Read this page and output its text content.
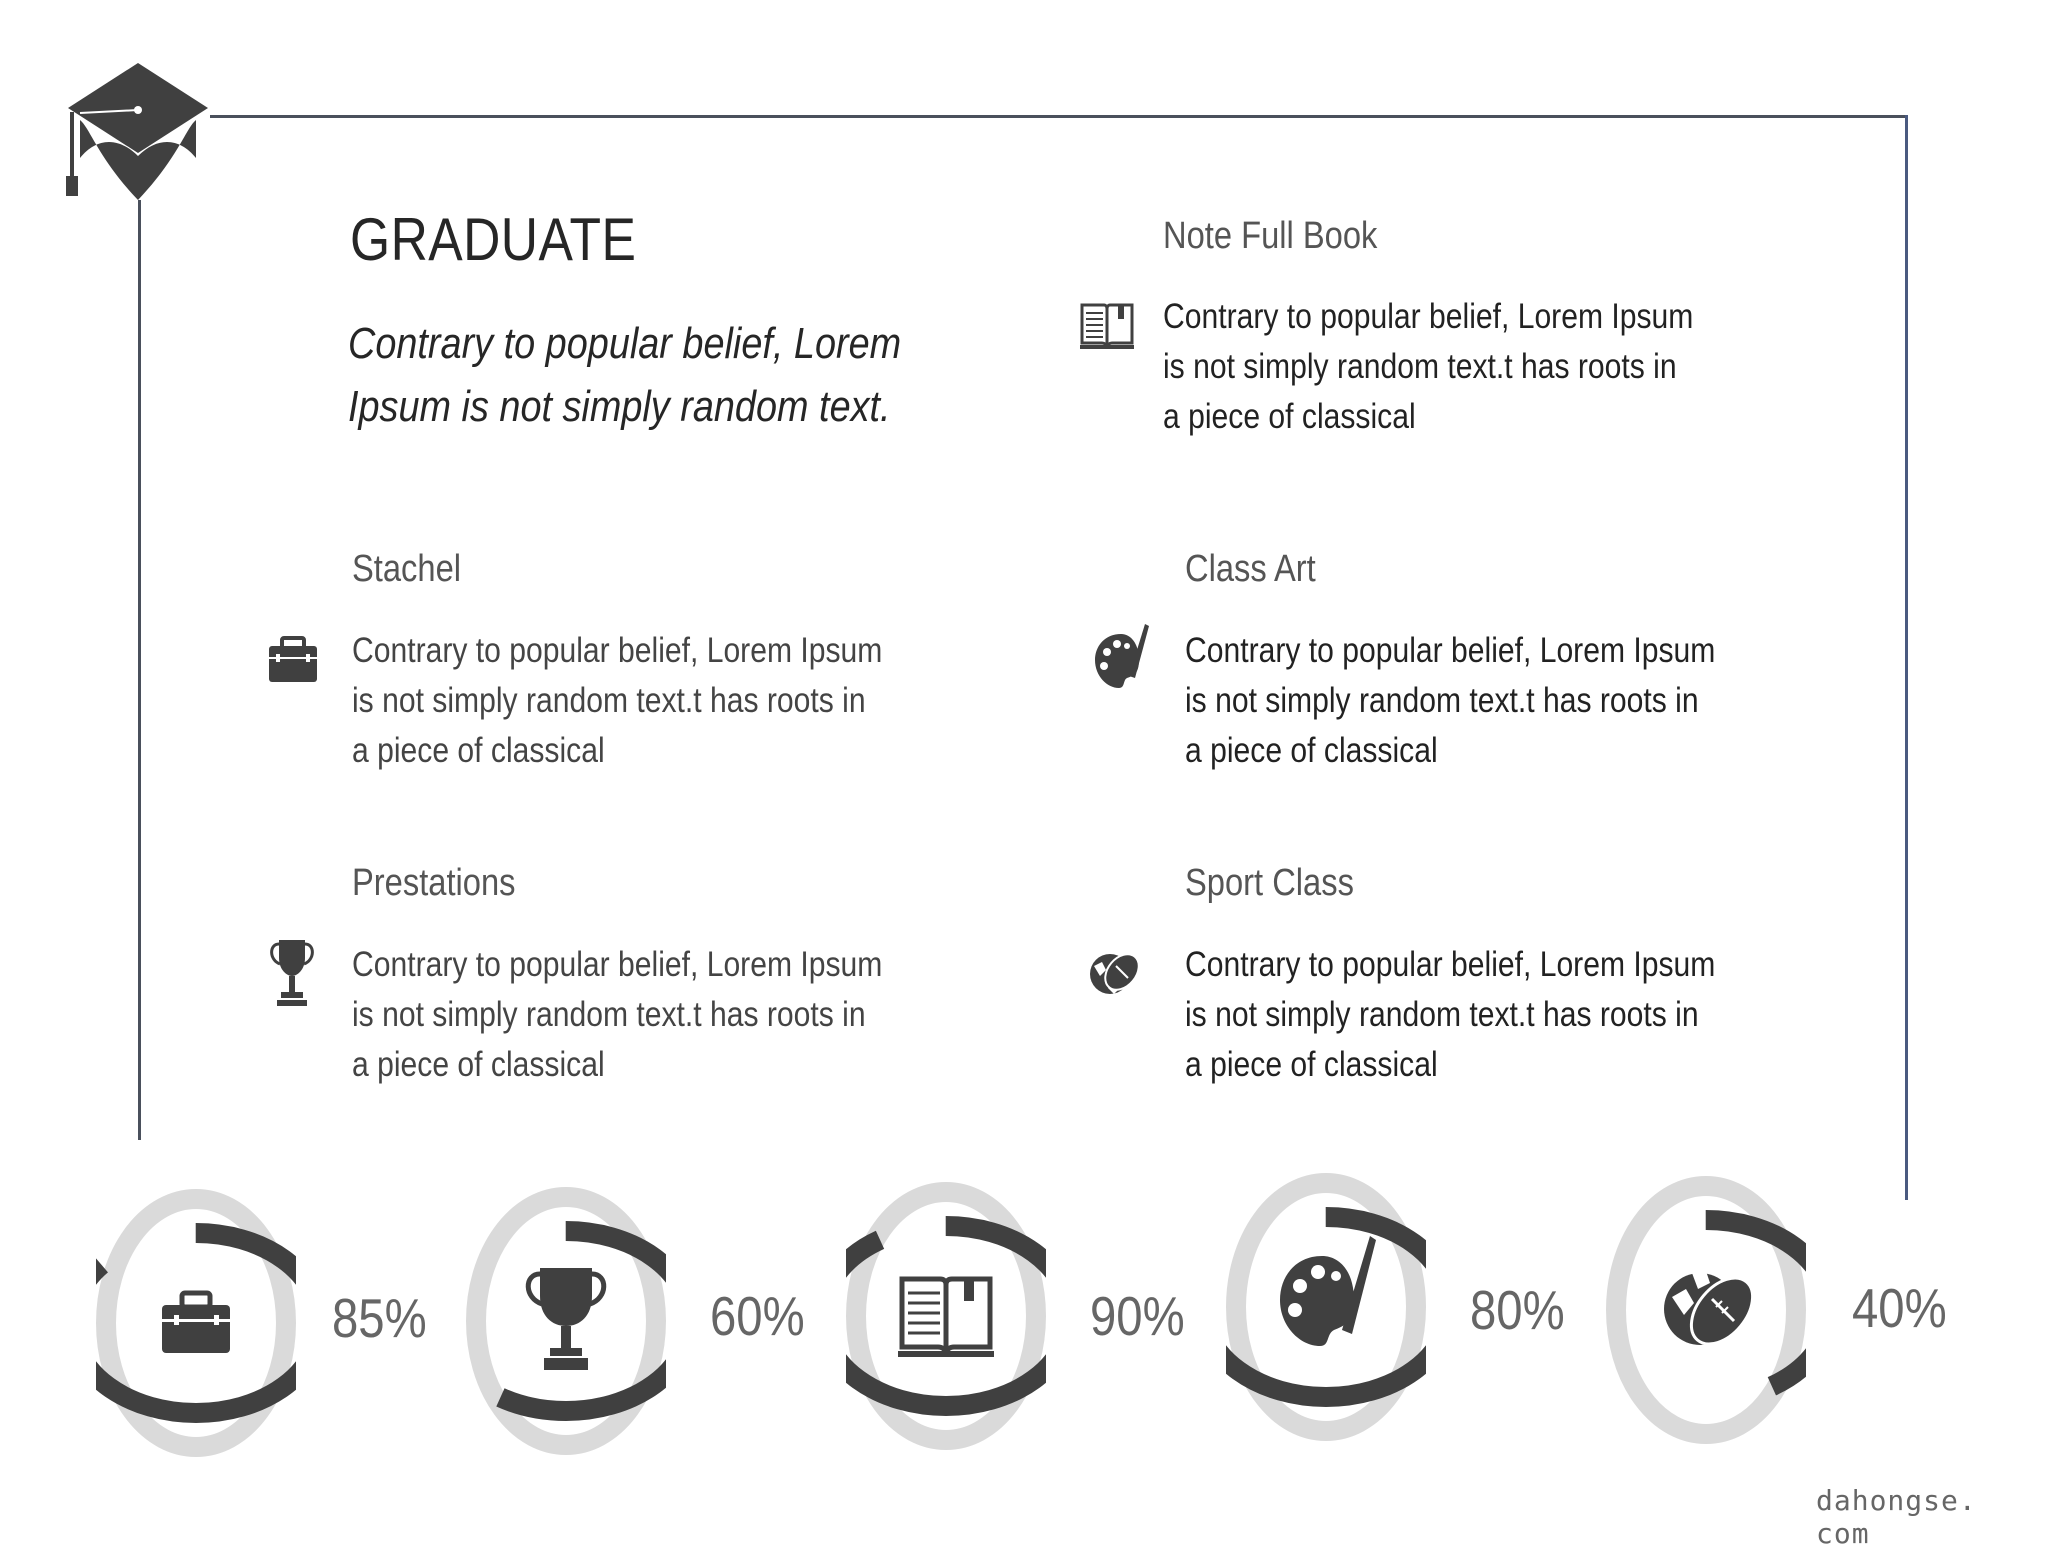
GRADUATE
Contrary to popular belief, Lorem Ipsum is not simply random text.
Stachel
Contrary to popular belief, Lorem Ipsum is not simply random text.t has roots in a piece of classical
Prestations
Contrary to popular belief, Lorem Ipsum is not simply random text.t has roots in a piece of classical
Note Full Book
Contrary to popular belief, Lorem Ipsum is not simply random text.t has roots in a piece of classical
Class Art
Contrary to popular belief, Lorem Ipsum is not simply random text.t has roots in a piece of classical
Sport Class
Contrary to popular belief, Lorem Ipsum is not simply random text.t has roots in a piece of classical
85%	60%	90%	80%	40%
dahongse. com
